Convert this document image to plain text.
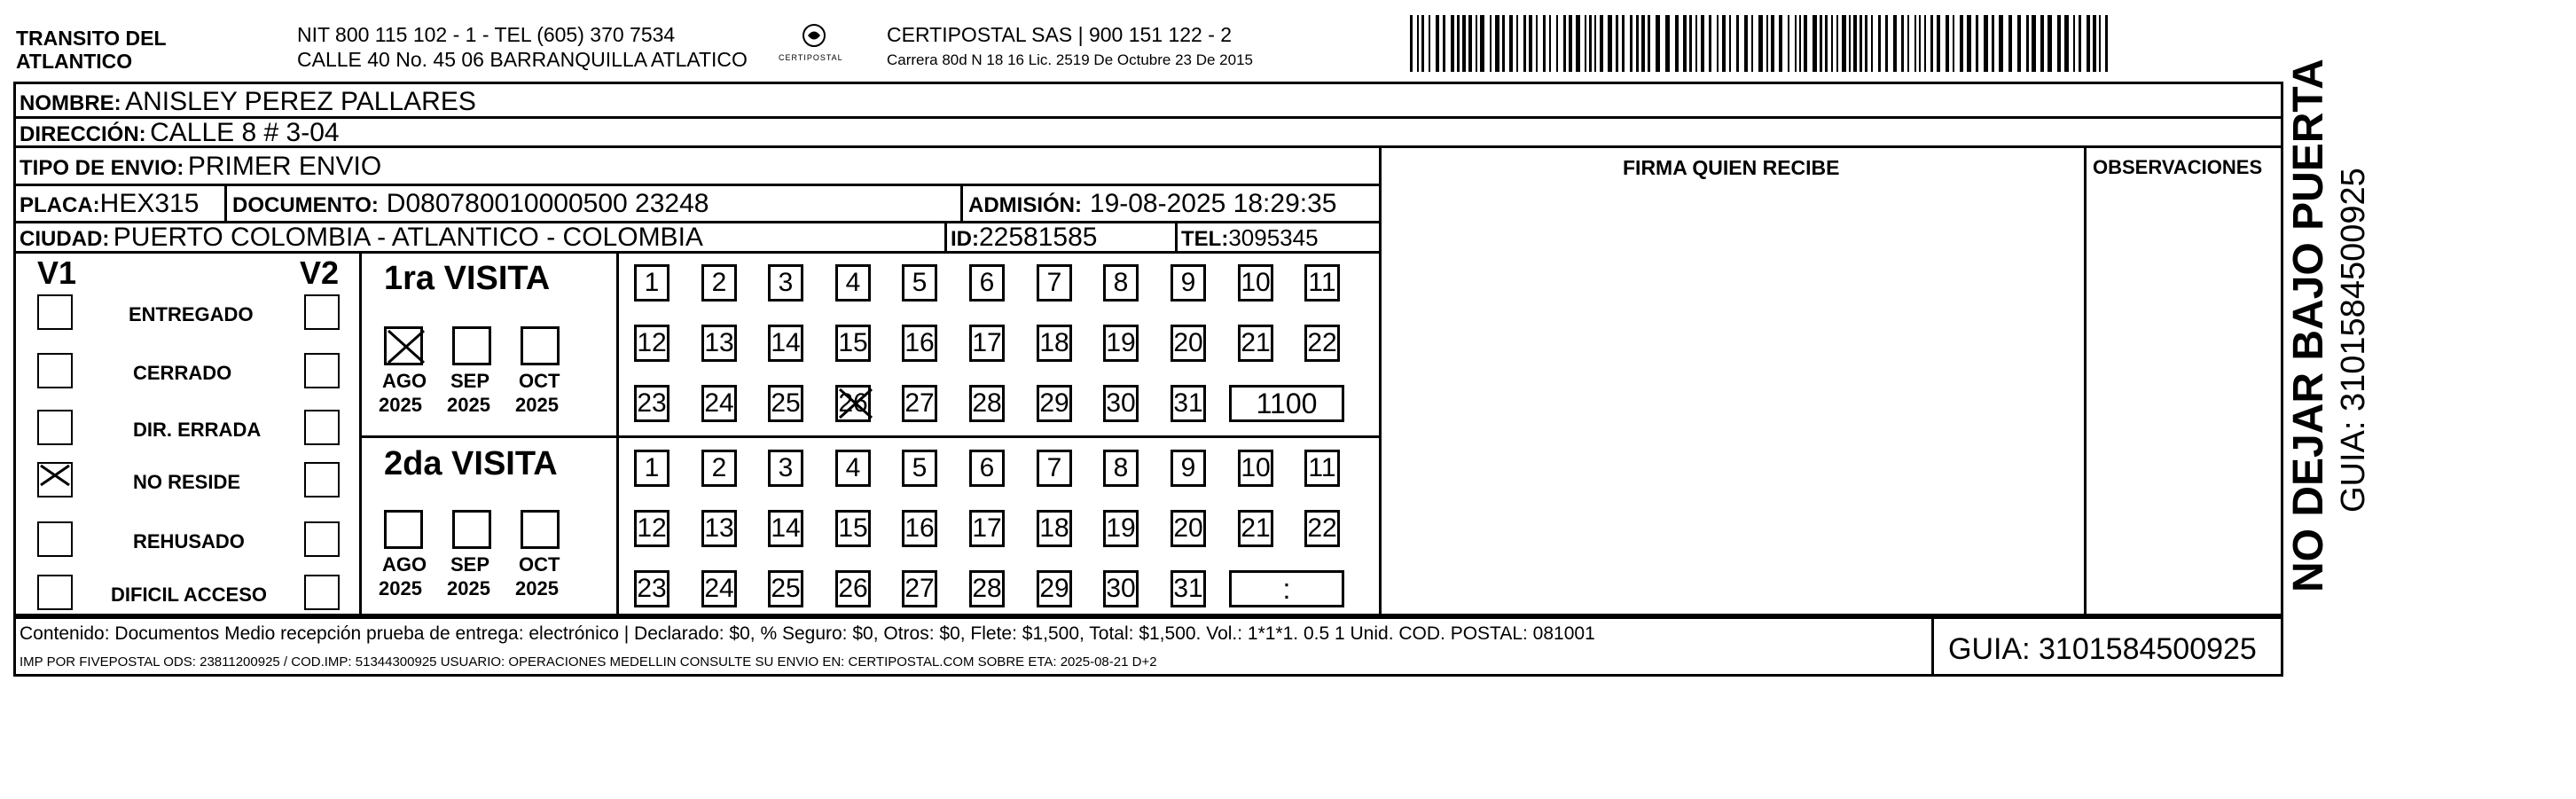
TRANSITO DEL
ATLANTICO
NIT 800 115 102 - 1 - TEL (605) 370 7534
CALLE 40 No. 45 06 BARRANQUILLA ATLATICO	CERTIPOSTAL
CERTIPOSTAL SAS | 900 151 122 - 2
Carrera 80d N 18 16 Lic. 2519 De Octubre 23 De 2015
NOMBRE: ANISLEY PEREZ PALLARES
DIRECCIÓN: CALLE 8 # 3-04
TIPO DE ENVIO: PRIMER ENVIO	FIRMA QUIEN RECIBE	OBSERVACIONES
PLACA:HEX315 DOCUMENTO: D080780010000500 23248	ADMISIÓN: 19-08-2025 18:29:35
CIUDAD: PUERTO COLOMBIA - ATLANTICO - COLOMBIA	ID:22581585	TEL:3095345
V1	V2
ENTREGADO
CERRADO
DIR. ERRADA
NO RESIDE
REHUSADO
DIFICIL ACCESO
1ra VISITA
AGO
2025
SEP
2025
OCT
2025
1	2	3	4	5	6	7	8	9	10 11
12 13 14 15 16 17 18 19 20 21 22
23 24 25 26 27 28 29 30 31	1100
2da VISITA
AGO
2025
SEP
2025
OCT
2025
1	2	3	4	5	6	7	8	9	10 11
12 13 14 15 16 17 18 19 20 21 22
23 24 25 26 27 28 29 30 31	:
Contenido: Documentos Medio recepción prueba de entrega: electrónico | Declarado: $0, % Seguro: $0, Otros: $0, Flete: $1,500, Total: $1,500. Vol.: 1*1*1. 0.5 1 Unid. COD. POSTAL: 081001
IMP POR FIVEPOSTAL ODS: 23811200925 / COD.IMP: 51344300925 USUARIO: OPERACIONES MEDELLIN CONSULTE SU ENVIO EN: CERTIPOSTAL.COM SOBRE ETA: 2025-08-21 D+2	GUIA: 3101584500925
NO DEJAR BAJO PUERTA GUIA: 3101584500925
